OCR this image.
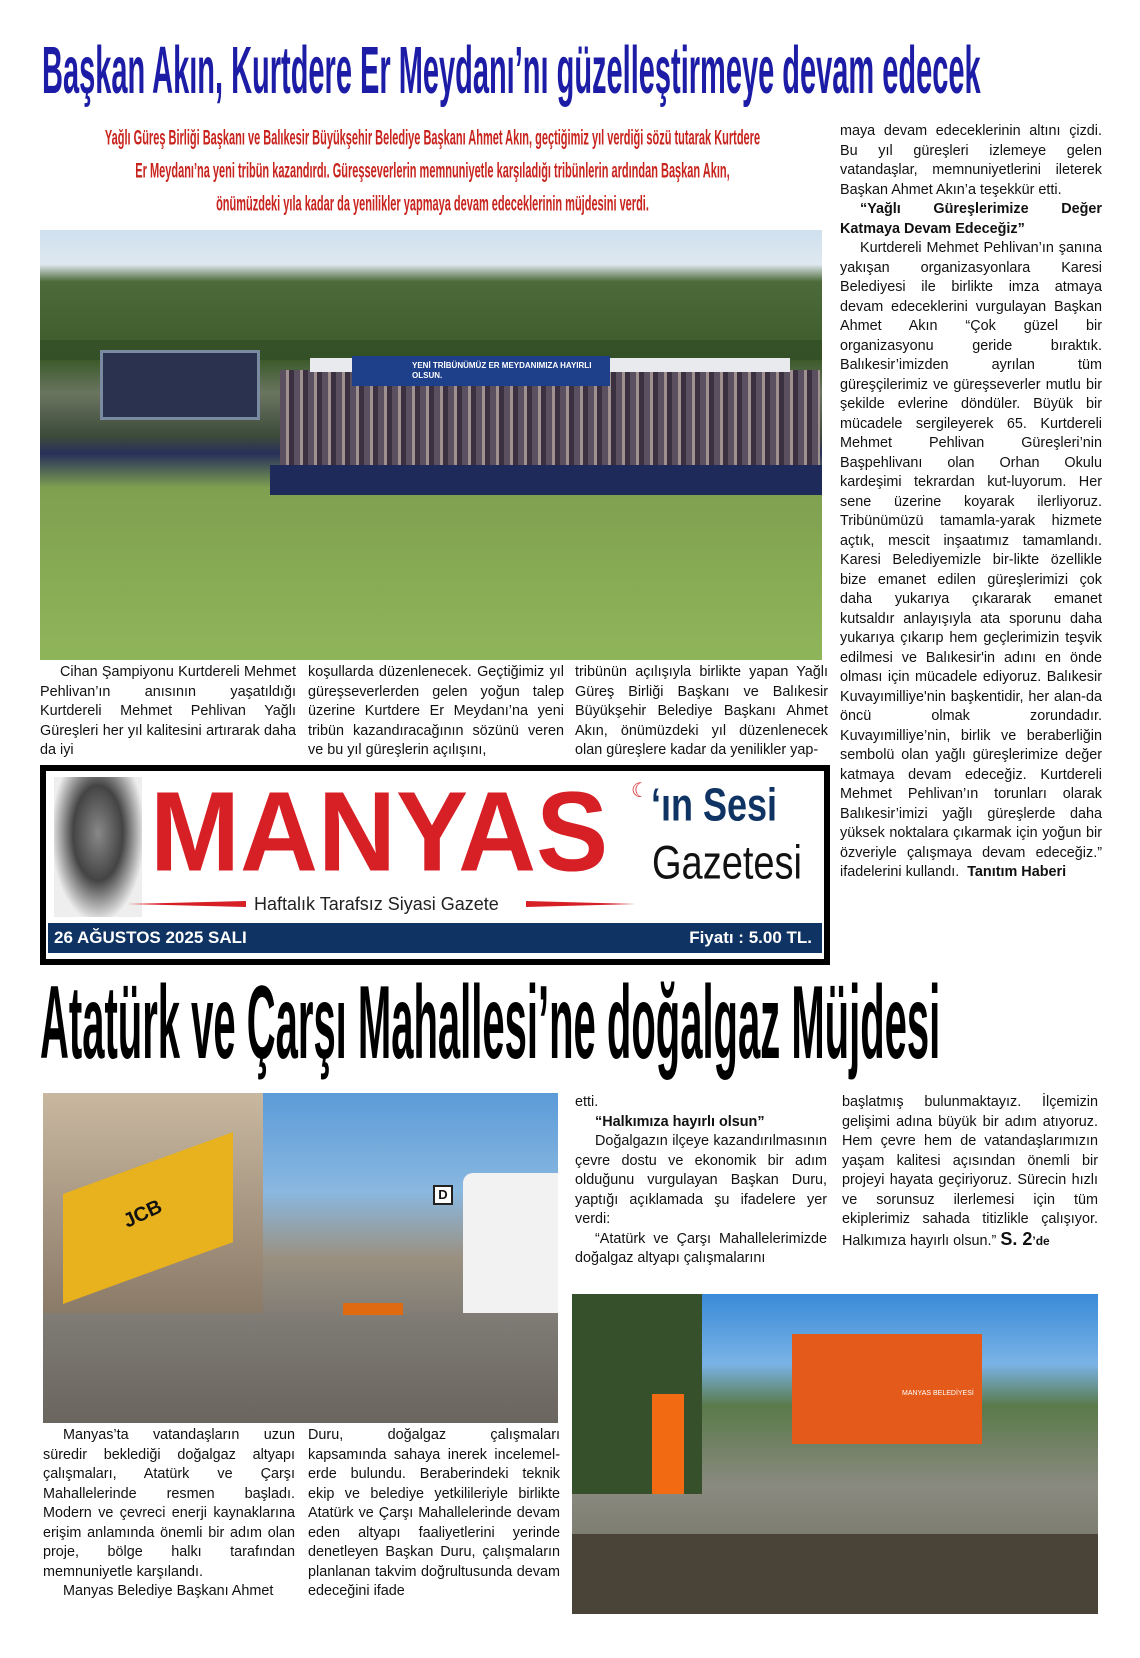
Başkan Akın, Kurtdere Er Meydanı’nı güzelleştirmeye devam edecek
Yağlı Güreş Birliği Başkanı ve Balıkesir Büyükşehir Belediye Başkanı Ahmet Akın, geçtiğimiz yıl verdiği sözü tutarak Kurtdere
Er Meydanı’na yeni tribün kazandırdı. Güreşseverlerin memnuniyetle karşıladığı tribünlerin ardından Başkan Akın,
önümüzdeki yıla kadar da yenilikler yapmaya devam edeceklerinin müjdesini verdi.
YENİ TRİBÜNÜMÜZ ER MEYDANIMIZA HAYIRLI OLSUN.

Cihan Şampiyonu Kurtdereli Mehmet Pehlivan’ın anısının yaşatıldığı Kurtdereli Mehmet Pehlivan Yağlı Güreşleri her yıl kalitesini artırarak daha da iyi

koşullarda düzenlenecek. Geçtiğimiz yıl güreşseverlerden gelen yoğun talep üzerine Kurtdere Er Meydanı’na yeni tribün kazandıracağının sözünü veren ve bu yıl güreşlerin açılışını,

tribünün açılışıyla birlikte yapan Yağlı Güreş Birliği Başkanı ve Balıkesir Büyükşehir Belediye Başkanı Ahmet Akın, önümüzdeki yıl düzenlenecek olan güreşlere kadar da yenilikler yap-

maya devam edeceklerinin altını çizdi. Bu yıl güreşleri izlemeye gelen vatandaşlar, memnuniyetlerini ileterek Başkan Ahmet Akın’a teşekkür etti.

“Yağlı Güreşlerimize Değer Katmaya Devam Edeceğiz”

Kurtdereli Mehmet Pehlivan’ın şanına yakışan organizasyonlara Karesi Belediyesi ile birlikte imza atmaya devam edeceklerini vurgulayan Başkan Ahmet Akın “Çok güzel bir organizasyonu geride bıraktık. Balıkesir’imizden ayrılan tüm güreşçilerimiz ve güreşseverler mutlu bir şekilde evlerine döndüler. Büyük bir mücadele sergileyerek 65. Kurtdereli Mehmet Pehlivan Güreşleri’nin Başpehlivanı olan Orhan Okulu kardeşimi tekrardan kut-luyorum. Her sene üzerine koyarak ilerliyoruz. Tribünümüzü tamamla-yarak hizmete açtık, mescit inşaatımız tamamlandı. Karesi Belediyemizle bir-likte özellikle bize emanet edilen güreşlerimizi çok daha yukarıya çıkararak emanet kutsaldır anlayışıyla ata sporunu daha yukarıya çıkarıp hem geçlerimizin teşvik edilmesi ve Balıkesir'in adını en önde olması için mücadele ediyoruz. Balıkesir Kuvayımilliye'nin başkentidir, her alan-da öncü olmak zorundadır. Kuvayımilliye’nin, birlik ve beraberliğin sembolü olan yağlı güreşlerimize değer katmaya devam edeceğiz. Kurtdereli Mehmet Pehlivan’ın torunları olarak Balıkesir’imizi yağlı güreşlerde daha yüksek noktalara çıkarmak için yoğun bir özveriyle çalışmaya devam edeceğiz.” ifadelerini kullandı. Tanıtım Haberi

MANYAS ☾ ‘ın Sesi
Gazetesi
Haftalık Tarafsız Siyasi Gazete
26 AĞUSTOS 2025 SALI	Fiyatı : 5.00 TL.
Atatürk ve Çarşı Mahallesi’ne doğalgaz Müjdesi
JCB
D

etti.

“Halkımıza hayırlı olsun”

Doğalgazın ilçeye kazandırılmasının çevre dostu ve ekonomik bir adım olduğunu vurgulayan Başkan Duru, yaptığı açıklamada şu ifadelere yer verdi:

“Atatürk ve Çarşı Mahallelerimizde doğalgaz altyapı çalışmalarını

başlatmış bulunmaktayız. İlçemizin gelişimi adına büyük bir adım atıyoruz. Hem çevre hem de vatandaşlarımızın yaşam kalitesi açısından önemli bir projeyi hayata geçiriyoruz. Sürecin hızlı ve sorunsuz ilerlemesi için tüm ekiplerimiz sahada titizlikle çalışıyor. Halkımıza hayırlı olsun.” S. 2’de

MANYAS BELEDİYESİ

Manyas’ta vatandaşların uzun süredir beklediği doğalgaz altyapı çalışmaları, Atatürk ve Çarşı Mahallelerinde resmen başladı. Modern ve çevreci enerji kaynaklarına erişim anlamında önemli bir adım olan proje, bölge halkı tarafından memnuniyetle karşılandı.

Manyas Belediye Başkanı Ahmet

Duru, doğalgaz çalışmaları kapsamında sahaya inerek incelemel-erde bulundu. Beraberindeki teknik ekip ve belediye yetkilileriyle birlikte Atatürk ve Çarşı Mahallelerinde devam eden altyapı faaliyetlerini yerinde denetleyen Başkan Duru, çalışmaların planlanan takvim doğrultusunda devam edeceğini ifade
